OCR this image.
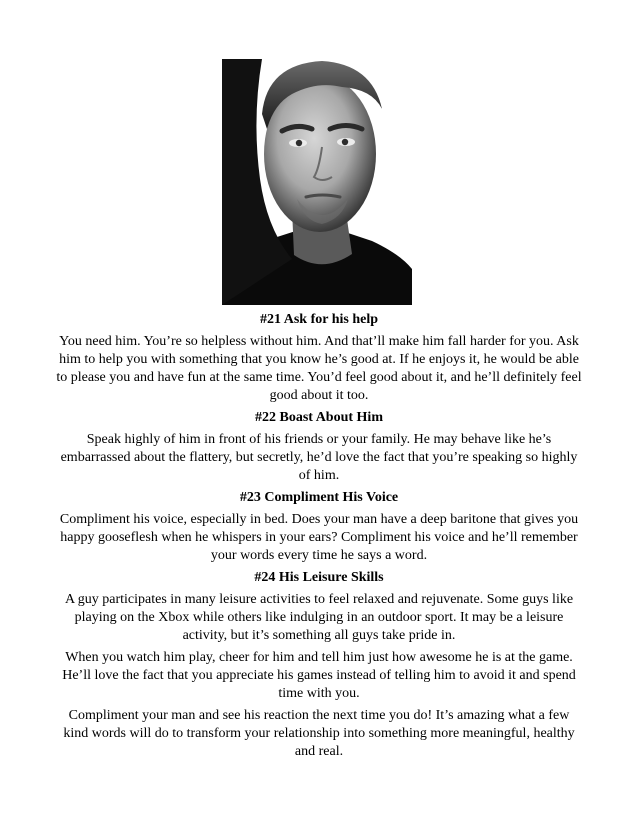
#21 Ask for his help
You need him. You’re so helpless without him. And that’ll make him fall harder for you. Ask him to help you with something that you know he’s good at. If he enjoys it, he would be able to please you and have fun at the same time. You’d feel good about it, and he’ll definitely feel good about it too.
#22 Boast About Him
Speak highly of him in front of his friends or your family. He may behave like he’s embarrassed about the flattery, but secretly, he’d love the fact that you’re speaking so highly of him.
#23 Compliment His Voice
Compliment his voice, especially in bed. Does your man have a deep baritone that gives you happy gooseflesh when he whispers in your ears? Compliment his voice and he’ll remember your words every time he says a word.
#24 His Leisure Skills
A guy participates in many leisure activities to feel relaxed and rejuvenate. Some guys like playing on the Xbox while others like indulging in an outdoor sport. It may be a leisure activity, but it’s something all guys take pride in.
When you watch him play, cheer for him and tell him just how awesome he is at the game. He’ll love the fact that you appreciate his games instead of telling him to avoid it and spend time with you.
Compliment your man and see his reaction the next time you do! It’s amazing what a few kind words will do to transform your relationship into something more meaningful, healthy and real.
